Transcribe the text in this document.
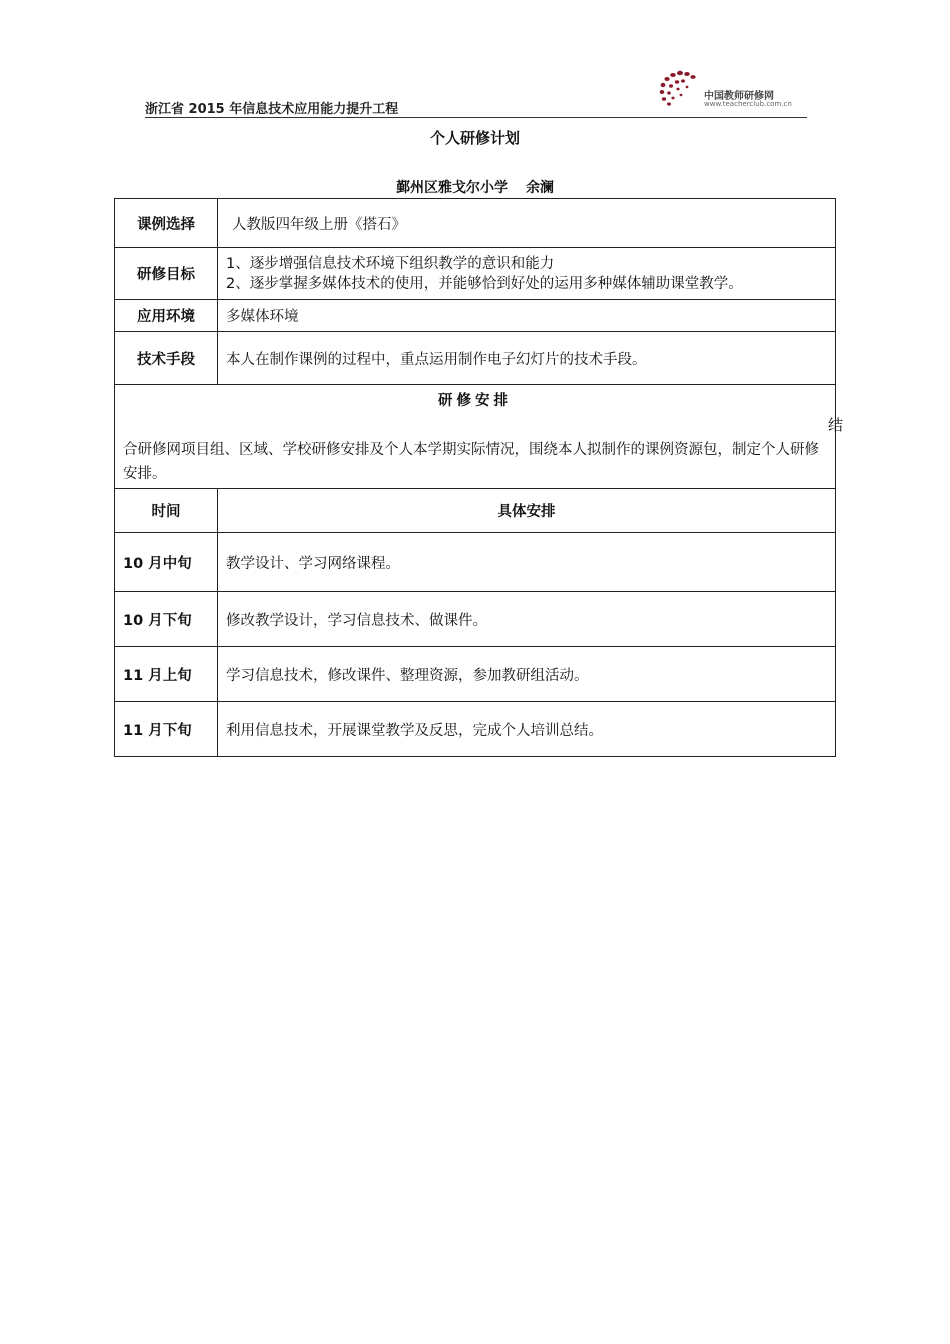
浙江省 2015 年信息技术应用能力提升工程
中国教师研修网
www.teacherclub.com.cn
个人研修计划
鄞州区雅戈尔小学 余澜
课例选择	人教版四年级上册《搭石》
研修目标	1、逐步增强信息技术环境下组织教学的意识和能力
2、逐步掌握多媒体技术的使用，并能够恰到好处的运用多种媒体辅助课堂教学。

应用环境	多媒体环境
技术手段	本人在制作课例的过程中，重点运用制作电子幻灯片的技术手段。

研修安排
合研修网项目组、区域、学校研修安排及个人本学期实际情况，围绕本人拟制作的课例资源包，制定个人研修安排。	

时间	具体安排
10 月中旬	教学设计、学习网络课程。
10 月下旬	修改教学设计，学习信息技术、做课件。
11 月上旬	学习信息技术，修改课件、整理资源，参加教研组活动。
11 月下旬	利用信息技术，开展课堂教学及反思，完成个人培训总结。
结
